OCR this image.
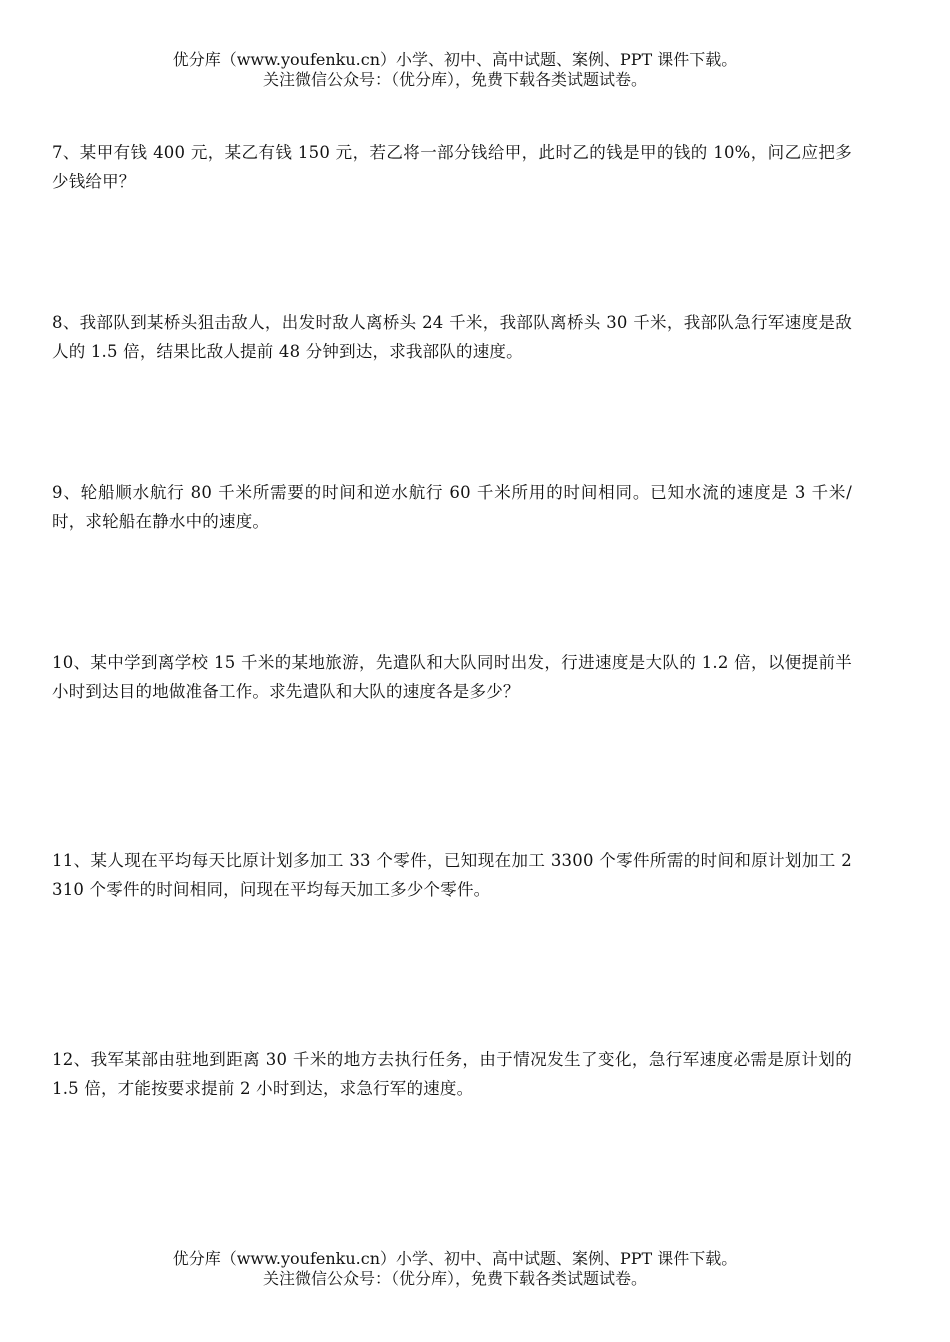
优分库（www.youfenku.cn）小学、初中、高中试题、案例、PPT 课件下载。
关注微信公众号：（优分库），免费下载各类试题试卷。
7、某甲有钱 400 元，某乙有钱 150 元，若乙将一部分钱给甲，此时乙的钱是甲的钱的 10%，问乙应把多少钱给甲？
8、我部队到某桥头狙击敌人，出发时敌人离桥头 24 千米，我部队离桥头 30 千米，我部队急行军速度是敌人的 1.5 倍，结果比敌人提前 48 分钟到达，求我部队的速度。
9、轮船顺水航行 80 千米所需要的时间和逆水航行 60 千米所用的时间相同。已知水流的速度是 3 千米/时，求轮船在静水中的速度。
10、某中学到离学校 15 千米的某地旅游，先遣队和大队同时出发，行进速度是大队的 1.2 倍，以便提前半小时到达目的地做准备工作。求先遣队和大队的速度各是多少？
11、某人现在平均每天比原计划多加工 33 个零件，已知现在加工 3300 个零件所需的时间和原计划加工 2310 个零件的时间相同，问现在平均每天加工多少个零件。
12、我军某部由驻地到距离 30 千米的地方去执行任务，由于情况发生了变化，急行军速度必需是原计划的 1.5 倍，才能按要求提前 2 小时到达，求急行军的速度。
优分库（www.youfenku.cn）小学、初中、高中试题、案例、PPT 课件下载。
关注微信公众号：（优分库），免费下载各类试题试卷。
